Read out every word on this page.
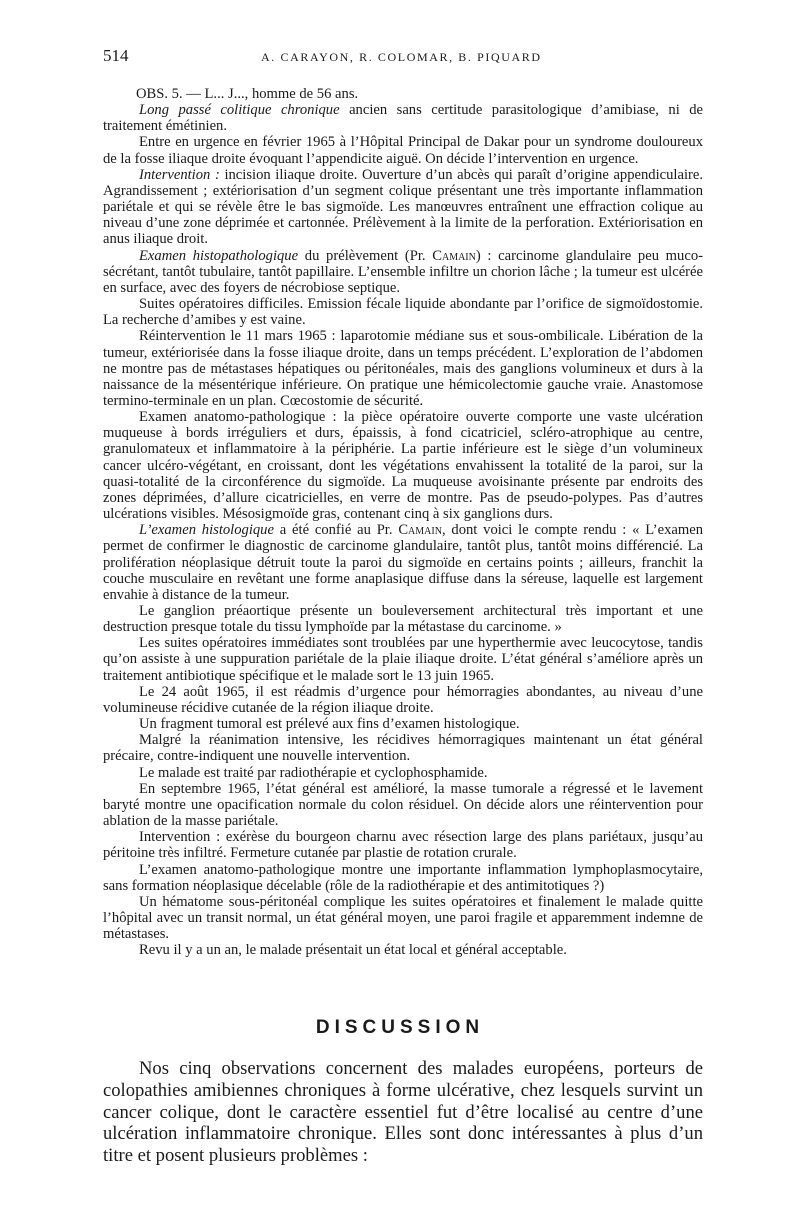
514	A. CARAYON, R. COLOMAR, B. PIQUARD

OBS. 5. — L... J..., homme de 56 ans.

Long passé colitique chronique ancien sans certitude parasitologique d’amibiase, ni de traitement émétinien.

Entre en urgence en février 1965 à l’Hôpital Principal de Dakar pour un syndrome douloureux de la fosse iliaque droite évoquant l’appendicite aiguë. On décide l’intervention en urgence.

Intervention : incision iliaque droite. Ouverture d’un abcès qui paraît d’origine appendiculaire. Agrandissement ; extériorisation d’un segment colique présentant une très importante inflammation pariétale et qui se révèle être le bas sigmoïde. Les manœuvres entraînent une effraction colique au niveau d’une zone déprimée et cartonnée. Prélèvement à la limite de la perforation. Extériorisation en anus iliaque droit.

Examen histopathologique du prélèvement (Pr. Camain) : carcinome glandulaire peu muco-sécrétant, tantôt tubulaire, tantôt papillaire. L’ensemble infiltre un chorion lâche ; la tumeur est ulcérée en surface, avec des foyers de nécrobiose septique.

Suites opératoires difficiles. Emission fécale liquide abondante par l’orifice de sigmoïdostomie. La recherche d’amibes y est vaine.

Réintervention le 11 mars 1965 : laparotomie médiane sus et sous-ombilicale. Libération de la tumeur, extériorisée dans la fosse iliaque droite, dans un temps précédent. L’exploration de l’abdomen ne montre pas de métastases hépatiques ou péritonéales, mais des ganglions volumineux et durs à la naissance de la mésentérique inférieure. On pratique une hémicolectomie gauche vraie. Anastomose termino-terminale en un plan. Cœcostomie de sécurité.

Examen anatomo-pathologique : la pièce opératoire ouverte comporte une vaste ulcération muqueuse à bords irréguliers et durs, épaissis, à fond cicatriciel, scléro-atrophique au centre, granulomateux et inflammatoire à la périphérie. La partie inférieure est le siège d’un volumineux cancer ulcéro-végétant, en croissant, dont les végétations envahissent la totalité de la paroi, sur la quasi-totalité de la circonférence du sigmoïde. La muqueuse avoisinante présente par endroits des zones déprimées, d’allure cicatricielles, en verre de montre. Pas de pseudo-polypes. Pas d’autres ulcérations visibles. Mésosigmoïde gras, contenant cinq à six ganglions durs.

L’examen histologique a été confié au Pr. Camain, dont voici le compte rendu : « L’examen permet de confirmer le diagnostic de carcinome glandulaire, tantôt plus, tantôt moins différencié. La prolifération néoplasique détruit toute la paroi du sigmoïde en certains points ; ailleurs, franchit la couche musculaire en revêtant une forme anaplasique diffuse dans la séreuse, laquelle est largement envahie à distance de la tumeur.

Le ganglion préaortique présente un bouleversement architectural très important et une destruction presque totale du tissu lymphoïde par la métastase du carcinome. »

Les suites opératoires immédiates sont troublées par une hyperthermie avec leucocytose, tandis qu’on assiste à une suppuration pariétale de la plaie iliaque droite. L’état général s’améliore après un traitement antibiotique spécifique et le malade sort le 13 juin 1965.

Le 24 août 1965, il est réadmis d’urgence pour hémorragies abondantes, au niveau d’une volumineuse récidive cutanée de la région iliaque droite.

Un fragment tumoral est prélevé aux fins d’examen histologique.

Malgré la réanimation intensive, les récidives hémorragiques maintenant un état général précaire, contre-indiquent une nouvelle intervention.

Le malade est traité par radiothérapie et cyclophosphamide.

En septembre 1965, l’état général est amélioré, la masse tumorale a régressé et le lavement baryté montre une opacification normale du colon résiduel. On décide alors une réintervention pour ablation de la masse pariétale.

Intervention : exérèse du bourgeon charnu avec résection large des plans pariétaux, jusqu’au péritoine très infiltré. Fermeture cutanée par plastie de rotation crurale.

L’examen anatomo-pathologique montre une importante inflammation lymphoplasmocytaire, sans formation néoplasique décelable (rôle de la radiothérapie et des antimitotiques ?)

Un hématome sous-péritonéal complique les suites opératoires et finalement le malade quitte l’hôpital avec un transit normal, un état général moyen, une paroi fragile et apparemment indemne de métastases.

Revu il y a un an, le malade présentait un état local et général acceptable.

DISCUSSION

Nos cinq observations concernent des malades européens, porteurs de colopathies amibiennes chroniques à forme ulcérative, chez lesquels survint un cancer colique, dont le caractère essentiel fut d’être localisé au centre d’une ulcération inflammatoire chronique. Elles sont donc intéressantes à plus d’un titre et posent plusieurs problèmes :
